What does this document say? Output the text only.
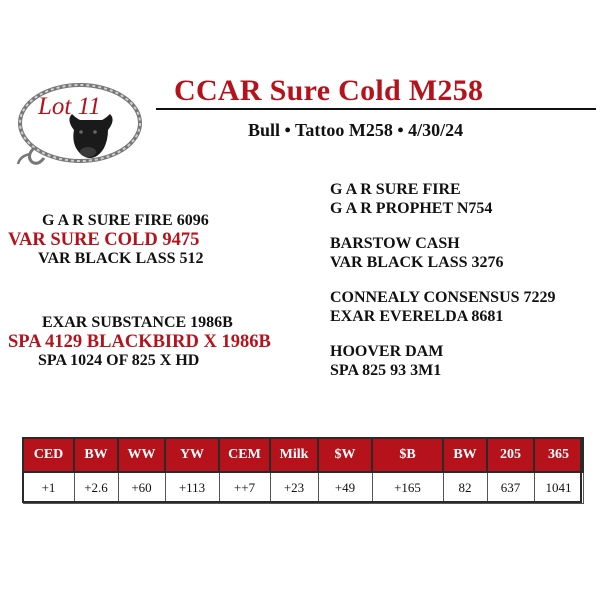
Lot 11 CCAR Sure Cold M258
Bull • Tattoo M258 • 4/30/24
G A R SURE FIRE 6096
VAR SURE COLD 9475
VAR BLACK LASS 512
EXAR SUBSTANCE 1986B
SPA 4129 BLACKBIRD X 1986B
SPA 1024 OF 825 X HD
G A R SURE FIRE
G A R PROPHET N754
BARSTOW CASH
VAR BLACK LASS 3276
CONNEALY CONSENSUS 7229
EXAR EVERELDA 8681
HOOVER DAM
SPA 825 93 3M1
CED	BW	WW	YW	CEM	Milk	$W	$B	BW	205	365
+1	+2.6	+60	+113	++7	+23	+49	+165	82	637	1041
